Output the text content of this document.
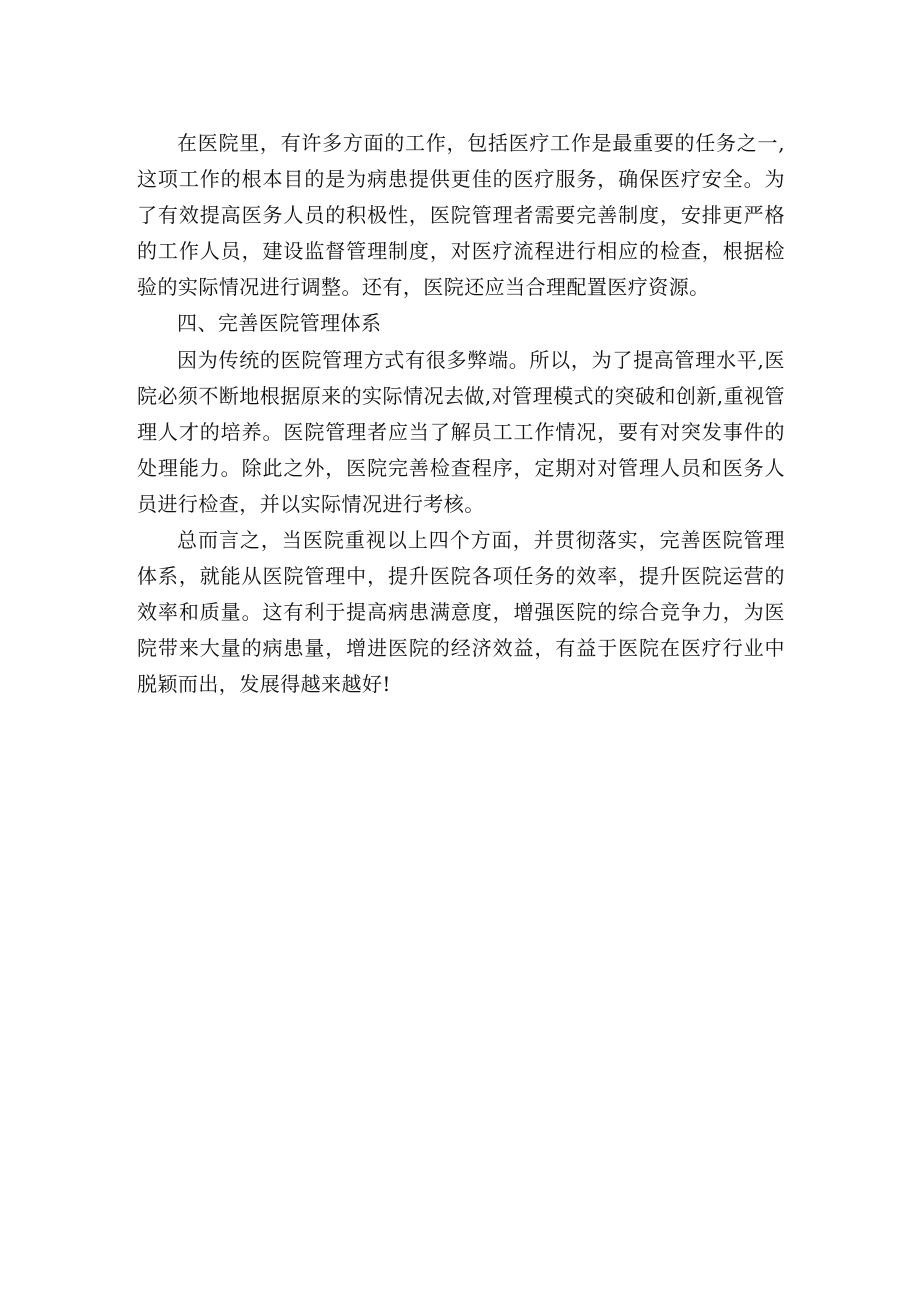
在医院里，有许多方面的工作，包括医疗工作是最重要的任务之一,这项工作的根本目的是为病患提供更佳的医疗服务，确保医疗安全。为了有效提高医务人员的积极性，医院管理者需要完善制度，安排更严格的工作人员，建设监督管理制度，对医疗流程进行相应的检查，根据检验的实际情况进行调整。还有，医院还应当合理配置医疗资源。

四、完善医院管理体系

因为传统的医院管理方式有很多弊端。所以，为了提高管理水平,医院必须不断地根据原来的实际情况去做,对管理模式的突破和创新,重视管理人才的培养。医院管理者应当了解员工工作情况，要有对突发事件的处理能力。除此之外，医院完善检查程序，定期对对管理人员和医务人员进行检查，并以实际情况进行考核。

总而言之，当医院重视以上四个方面，并贯彻落实，完善医院管理体系，就能从医院管理中，提升医院各项任务的效率，提升医院运营的效率和质量。这有利于提高病患满意度，增强医院的综合竞争力，为医院带来大量的病患量，增进医院的经济效益，有益于医院在医疗行业中脱颖而出，发展得越来越好!
